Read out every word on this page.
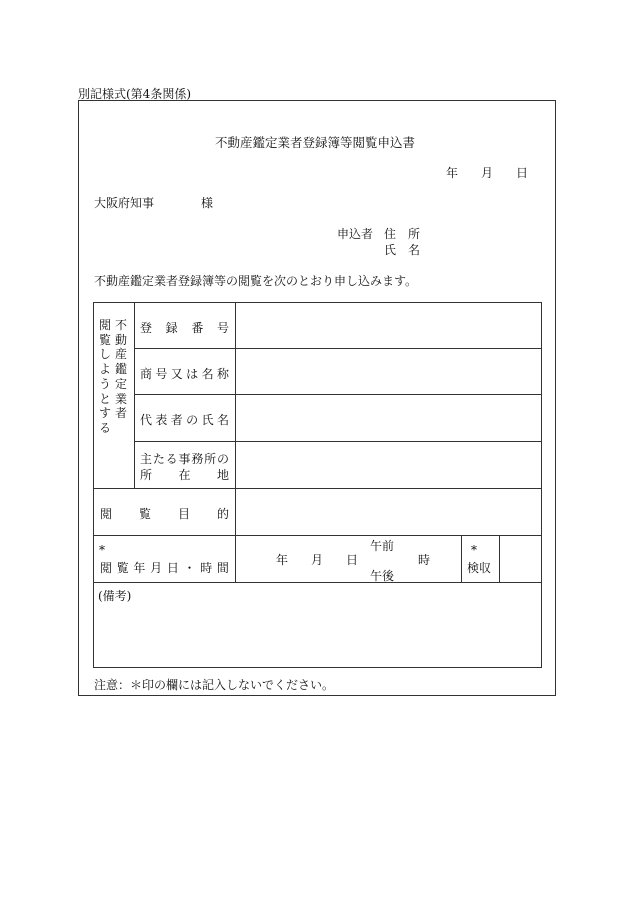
別記様式(第4条関係)
不動産鑑定業者登録簿等閲覧申込書
年 月 日
大阪府知事	様
申込者 住　所
氏　名
不動産鑑定業者登録簿等の閲覧を次のとおり申し込みます。
閲覧しようとする
不動産鑑定業者
登 録 番 号
商 号 又 は 名 称
代 表 者 の 氏 名
主 た る 事 務 所 の
所 在 地
閲 覧 目 的
*
閲 覧 年 月 日 ・ 時 間
年 月 日
午前
午後
時
*
検収
(備考)
注意：＊印の欄には記入しないでください。
